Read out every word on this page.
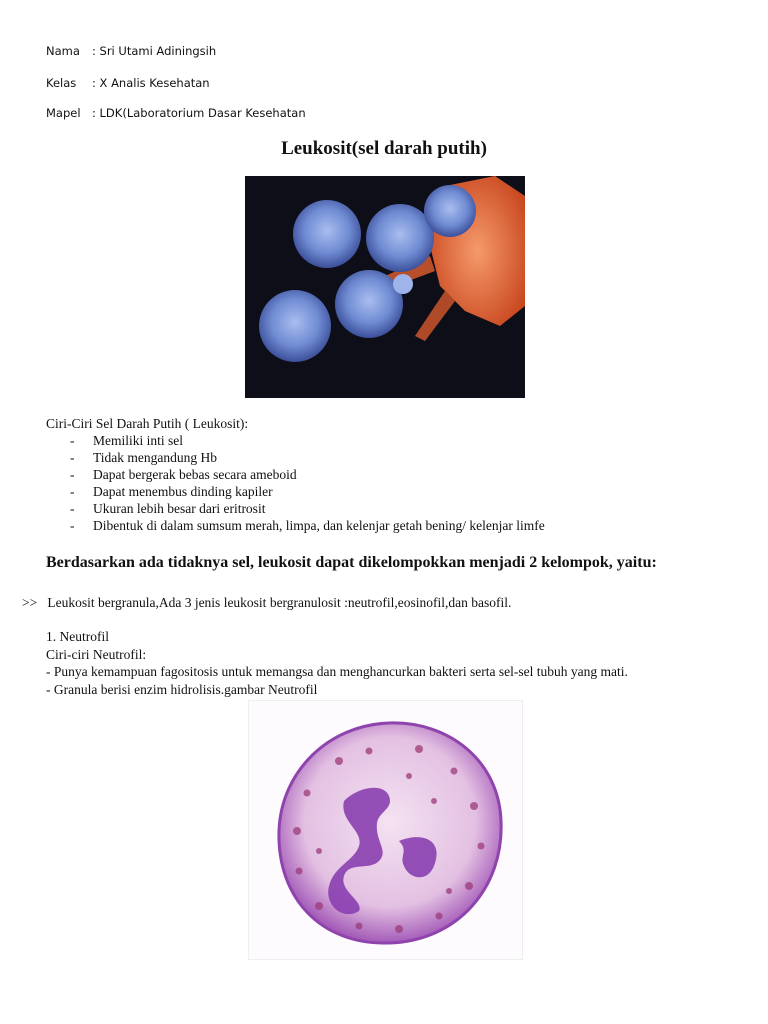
Nama : Sri Utami Adiningsih
Kelas : X Analis Kesehatan
Mapel : LDK(Laboratorium Dasar Kesehatan
Leukosit(sel darah putih)
Ciri-Ciri Sel Darah Putih ( Leukosit):
-	Memiliki inti sel
-	Tidak mengandung Hb
-	Dapat bergerak bebas secara ameboid
-	Dapat menembus dinding kapiler
-	Ukuran lebih besar dari eritrosit
-	Dibentuk di dalam sumsum merah, limpa, dan kelenjar getah bening/ kelenjar limfe
Berdasarkan ada tidaknya sel, leukosit dapat dikelompokkan menjadi 2 kelompok, yaitu:
>> Leukosit bergranula,Ada 3 jenis leukosit bergranulosit :neutrofil,eosinofil,dan basofil.
1. Neutrofil
Ciri-ciri Neutrofil:
- Punya kemampuan fagositosis untuk memangsa dan menghancurkan bakteri serta sel-sel tubuh yang mati.
- Granula berisi enzim hidrolisis.gambar Neutrofil
